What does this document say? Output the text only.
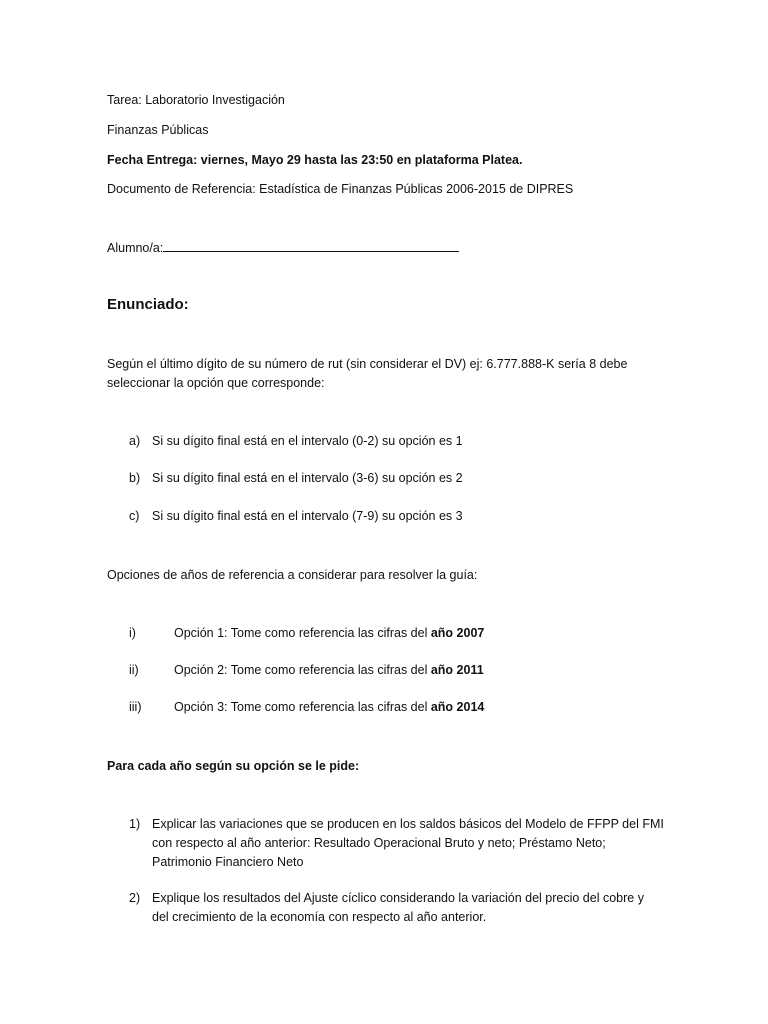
Tarea: Laboratorio Investigación
Finanzas Públicas
Fecha Entrega: viernes, Mayo 29 hasta las 23:50 en plataforma Platea.
Documento de Referencia: Estadística de Finanzas Públicas 2006-2015 de DIPRES
Alumno/a:
Enunciado:
Según el último dígito de su número de rut (sin considerar el DV) ej: 6.777.888-K sería 8 debe
seleccionar la opción que corresponde:
a) Si su dígito final está en el intervalo (0-2) su opción es 1
b) Si su dígito final está en el intervalo (3-6) su opción es 2
c) Si su dígito final está en el intervalo (7-9) su opción es 3
Opciones de años de referencia a considerar para resolver la guía:
i)	Opción 1: Tome como referencia las cifras del año 2007
ii)	Opción 2: Tome como referencia las cifras del año 2011
iii)	Opción 3: Tome como referencia las cifras del año 2014
Para cada año según su opción se le pide:
1) Explicar las variaciones que se producen en los saldos básicos del Modelo de FFPP del FMI
con respecto al año anterior: Resultado Operacional Bruto y neto; Préstamo Neto;
Patrimonio Financiero Neto
2) Explique los resultados del Ajuste cíclico considerando la variación del precio del cobre y
del crecimiento de la economía con respecto al año anterior.
